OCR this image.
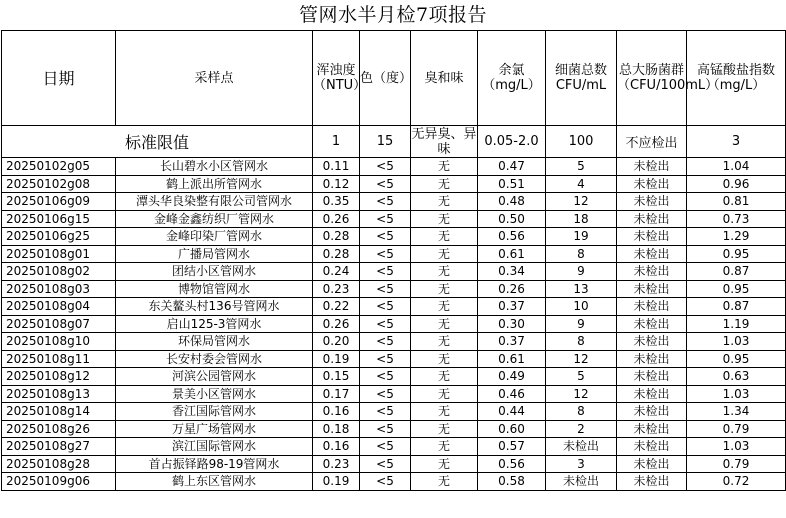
管网水半月检7项报告
日期	采样点	浑浊度（NTU）	色（度）	臭和味	余氯（mg/L）	细菌总数CFU/mL	总大肠菌群（CFU/100mL）	高锰酸盐指数（mg/L）
标准限值		1	15	无异臭、异味	0.05-2.0	100	不应检出	3
20250102g05	长山碧水小区管网水	0.11	<5	无	0.47	5	未检出	1.04
20250102g08	鹤上派出所管网水	0.12	<5	无	0.51	4	未检出	0.96
20250106g09	潭头华良染整有限公司管网水	0.35	<5	无	0.48	12	未检出	0.81
20250106g15	金峰金鑫纺织厂管网水	0.26	<5	无	0.50	18	未检出	0.73
20250106g25	金峰印染厂管网水	0.28	<5	无	0.56	19	未检出	1.29
20250108g01	广播局管网水	0.28	<5	无	0.61	8	未检出	0.95
20250108g02	团结小区管网水	0.24	<5	无	0.34	9	未检出	0.87
20250108g03	博物馆管网水	0.23	<5	无	0.26	13	未检出	0.95
20250108g04	东关鳌头村136号管网水	0.22	<5	无	0.37	10	未检出	0.87
20250108g07	启山125-3管网水	0.26	<5	无	0.30	9	未检出	1.19
20250108g10	环保局管网水	0.20	<5	无	0.37	8	未检出	1.03
20250108g11	长安村委会管网水	0.19	<5	无	0.61	12	未检出	0.95
20250108g12	河滨公园管网水	0.15	<5	无	0.49	5	未检出	0.63
20250108g13	景美小区管网水	0.17	<5	无	0.46	12	未检出	1.03
20250108g14	香江国际管网水	0.16	<5	无	0.44	8	未检出	1.34
20250108g26	万星广场管网水	0.18	<5	无	0.60	2	未检出	0.79
20250108g27	滨江国际管网水	0.16	<5	无	0.57	未检出	未检出	1.03
20250108g28	首占振铎路98-19管网水	0.23	<5	无	0.56	3	未检出	0.79
20250109g06	鹤上东区管网水	0.19	<5	无	0.58	未检出	未检出	0.72
